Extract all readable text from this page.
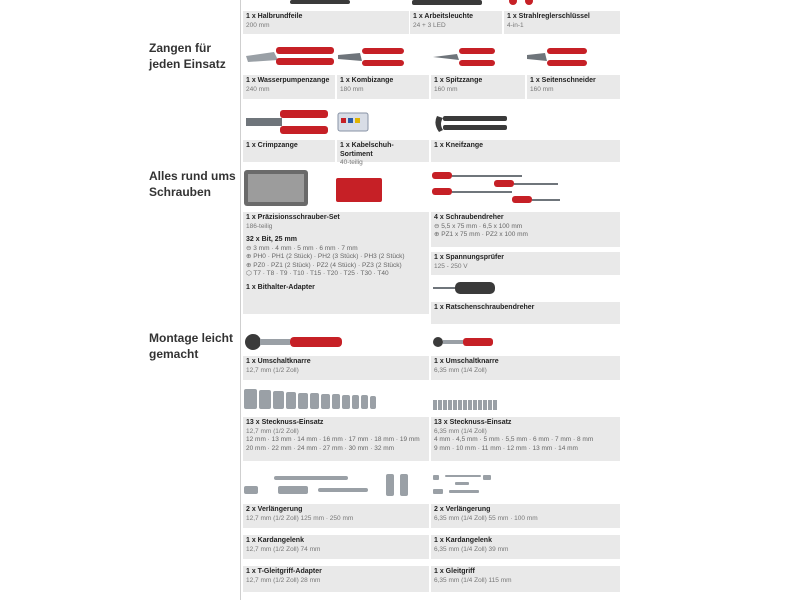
1 x Halbrundfeile
200 mm
1 x Arbeitsleuchte
24 + 3 LED
1 x Strahlreglerschlüssel
4-in-1
Zangen für jeden Einsatz
1 x Wasserpumpenzange
240 mm
1 x Kombizange
180 mm
1 x Spitzzange
160 mm
1 x Seitenschneider
160 mm
1 x Crimpzange	1 x Kabelschuh-Sortiment
40-teilig
1 x Kneifzange
Alles rund ums Schrauben
1 x Präzisionsschrauber-Set
186-teilig
32 x Bit, 25 mm
⊖ 3 mm · 4 mm · 5 mm · 6 mm · 7 mm
⊕ PH0 · PH1 (2 Stück) · PH2 (3 Stück) · PH3 (2 Stück)
⊕ PZ0 · PZ1 (2 Stück) · PZ2 (4 Stück) · PZ3 (2 Stück)
⬡ T7 · T8 · T9 · T10 · T15 · T20 · T25 · T30 · T40
1 x Bithalter-Adapter
4 x Schraubendreher
⊖ 5,5 x 75 mm · 6,5 x 100 mm
⊕ PZ1 x 75 mm · PZ2 x 100 mm
1 x Spannungsprüfer
125 - 250 V
1 x Ratschenschraubendreher
Montage leicht gemacht
1 x Umschaltknarre
12,7 mm (1/2 Zoll)
1 x Umschaltknarre
6,35 mm (1/4 Zoll)
13 x Stecknuss-Einsatz
12,7 mm (1/2 Zoll)
12 mm · 13 mm · 14 mm · 16 mm · 17 mm · 18 mm · 19 mm
20 mm · 22 mm · 24 mm · 27 mm · 30 mm · 32 mm
13 x Stecknuss-Einsatz
6,35 mm (1/4 Zoll)
4 mm · 4,5 mm · 5 mm · 5,5 mm · 6 mm · 7 mm · 8 mm
9 mm · 10 mm · 11 mm · 12 mm · 13 mm · 14 mm
2 x Verlängerung
12,7 mm (1/2 Zoll) 125 mm · 250 mm
2 x Verlängerung
6,35 mm (1/4 Zoll) 55 mm · 100 mm
1 x Kardangelenk
12,7 mm (1/2 Zoll) 74 mm
1 x Kardangelenk
6,35 mm (1/4 Zoll) 39 mm
1 x T-Gleitgriff-Adapter
12,7 mm (1/2 Zoll) 28 mm
1 x Gleitgriff
6,35 mm (1/4 Zoll) 115 mm
